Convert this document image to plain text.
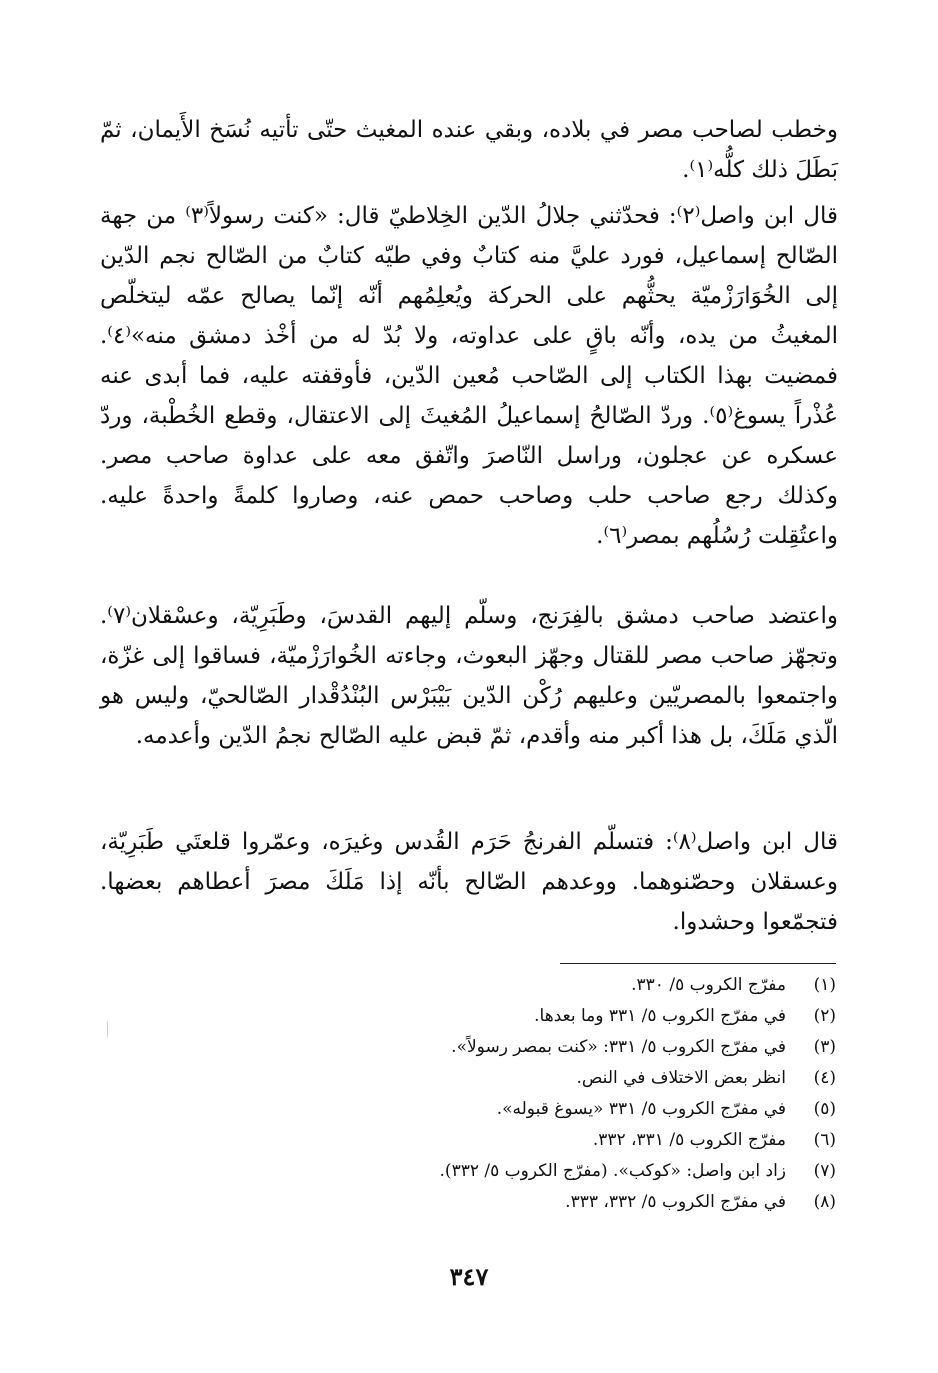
وخطب لصاحب مصر في بلاده، وبقي عنده المغيث حتّى تأتيه نُسَخ الأَيمان، ثمّ بَطَلَ ذلك كلُّه⁽١⁾.

قال ابن واصل⁽٢⁾: فحدّثني جلالُ الدّين الخِلاطيّ قال: «كنت رسولاً⁽٣⁾ من جهة الصّالح إسماعيل، فورد عليَّ منه كتابٌ وفي طيّه كتابٌ من الصّالح نجم الدّين إلى الخُوَارَزْميّة يحثُّهم على الحركة ويُعلِمُهم أنّه إنّما يصالح عمّه ليتخلّص المغيثُ من يده، وأنّه باقٍ على عداوته، ولا بُدّ له من أخْذ دمشق منه»⁽٤⁾. فمضيت بهذا الكتاب إلى الصّاحب مُعين الدّين، فأوقفته عليه، فما أبدى عنه عُذْراً يسوغ⁽٥⁾. وردّ الصّالحُ إسماعيلُ المُغيثَ إلى الاعتقال، وقطع الخُطْبة، وردّ عسكره عن عجلون، وراسل النّاصرَ واتّفق معه على عداوة صاحب مصر. وكذلك رجع صاحب حلب وصاحب حمص عنه، وصاروا كلمةً واحدةً عليه. واعتُقِلت رُسُلُهم بمصر⁽٦⁾.

واعتضد صاحب دمشق بالفِرَنج، وسلّم إليهم القدسَ، وطَبَرِيّة، وعسْقلان⁽٧⁾. وتجهّز صاحب مصر للقتال وجهّز البعوث، وجاءته الخُوارَزْميّة، فساقوا إلى غزّة، واجتمعوا بالمصريّين وعليهم رُكْن الدّين بَيْبَرْس البُنْدُقْدار الصّالحيّ، وليس هو الّذي مَلَكَ، بل هذا أكبر منه وأقدم، ثمّ قبض عليه الصّالح نجمُ الدّين وأعدمه.

قال ابن واصل⁽٨⁾: فتسلّم الفرنجُ حَرَم القُدس وغيرَه، وعمّروا قلعتَي طَبَرِيّة، وعسقلان وحصّنوهما. ووعدهم الصّالح بأنّه إذا مَلَكَ مصرَ أعطاهم بعضها. فتجمّعوا وحشدوا.

(١)
مفرّج الكروب ٥/ ٣٣٠.
(٢)
في مفرّج الكروب ٥/ ٣٣١ وما بعدها.
(٣)
في مفرّج الكروب ٥/ ٣٣١: «كنت بمصر رسولاً».
(٤)
انظر بعض الاختلاف في النص.
(٥)
في مفرّج الكروب ٥/ ٣٣١ «يسوغ قبوله».
(٦)
مفرّج الكروب ٥/ ٣٣١، ٣٣٢.
(٧)
زاد ابن واصل: «كوكب». (مفرّج الكروب ٥/ ٣٣٢).
(٨)
في مفرّج الكروب ٥/ ٣٣٢، ٣٣٣.
٣٤٧
